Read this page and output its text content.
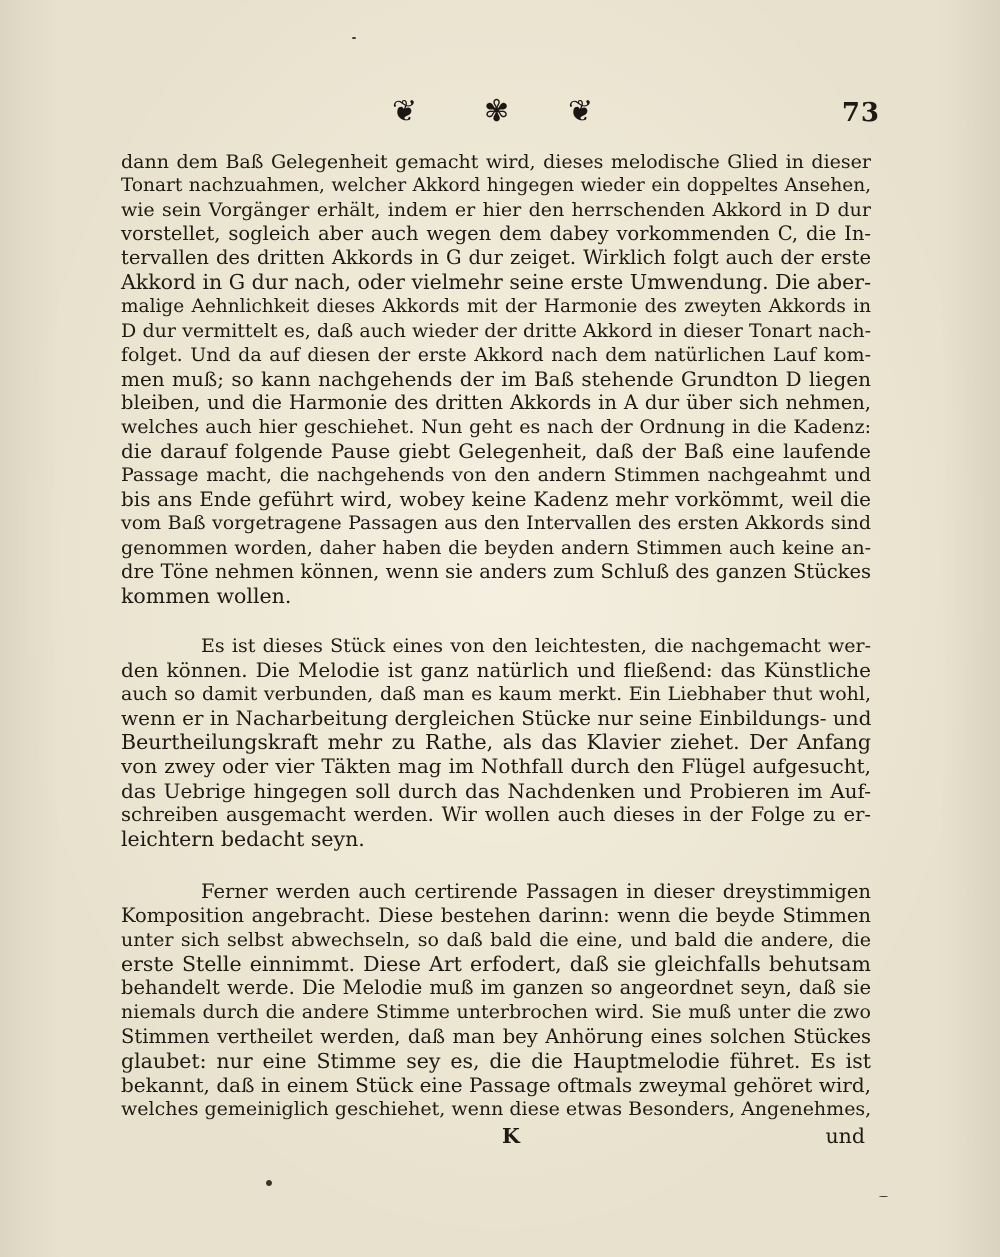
❦ ✾ ❦	73
dann dem Baß Gelegenheit gemacht wird, dieses melodische Glied in dieser
Tonart nachzuahmen, welcher Akkord hingegen wieder ein doppeltes Ansehen,
wie sein Vorgänger erhält, indem er hier den herrschenden Akkord in D dur
vorstellet, sogleich aber auch wegen dem dabey vorkommenden C, die In-
tervallen des dritten Akkords in G dur zeiget. Wirklich folgt auch der erste
Akkord in G dur nach, oder vielmehr seine erste Umwendung. Die aber-
malige Aehnlichkeit dieses Akkords mit der Harmonie des zweyten Akkords in
D dur vermittelt es, daß auch wieder der dritte Akkord in dieser Tonart nach-
folget. Und da auf diesen der erste Akkord nach dem natürlichen Lauf kom-
men muß; so kann nachgehends der im Baß stehende Grundton D liegen
bleiben, und die Harmonie des dritten Akkords in A dur über sich nehmen,
welches auch hier geschiehet. Nun geht es nach der Ordnung in die Kadenz:
die darauf folgende Pause giebt Gelegenheit, daß der Baß eine laufende
Passage macht, die nachgehends von den andern Stimmen nachgeahmt und
bis ans Ende geführt wird, wobey keine Kadenz mehr vorkömmt, weil die
vom Baß vorgetragene Passagen aus den Intervallen des ersten Akkords sind
genommen worden, daher haben die beyden andern Stimmen auch keine an-
dre Töne nehmen können, wenn sie anders zum Schluß des ganzen Stückes
kommen wollen.
Es ist dieses Stück eines von den leichtesten, die nachgemacht wer-
den können. Die Melodie ist ganz natürlich und fließend: das Künstliche
auch so damit verbunden, daß man es kaum merkt. Ein Liebhaber thut wohl,
wenn er in Nacharbeitung dergleichen Stücke nur seine Einbildungs- und
Beurtheilungskraft mehr zu Rathe, als das Klavier ziehet. Der Anfang
von zwey oder vier Täkten mag im Nothfall durch den Flügel aufgesucht,
das Uebrige hingegen soll durch das Nachdenken und Probieren im Auf-
schreiben ausgemacht werden. Wir wollen auch dieses in der Folge zu er-
leichtern bedacht seyn.
Ferner werden auch certirende Passagen in dieser dreystimmigen
Komposition angebracht. Diese bestehen darinn: wenn die beyde Stimmen
unter sich selbst abwechseln, so daß bald die eine, und bald die andere, die
erste Stelle einnimmt. Diese Art erfodert, daß sie gleichfalls behutsam
behandelt werde. Die Melodie muß im ganzen so angeordnet seyn, daß sie
niemals durch die andere Stimme unterbrochen wird. Sie muß unter die zwo
Stimmen vertheilet werden, daß man bey Anhörung eines solchen Stückes
glaubet: nur eine Stimme sey es, die die Hauptmelodie führet. Es ist
bekannt, daß in einem Stück eine Passage oftmals zweymal gehöret wird,
welches gemeiniglich geschiehet, wenn diese etwas Besonders, Angenehmes,
K	und
